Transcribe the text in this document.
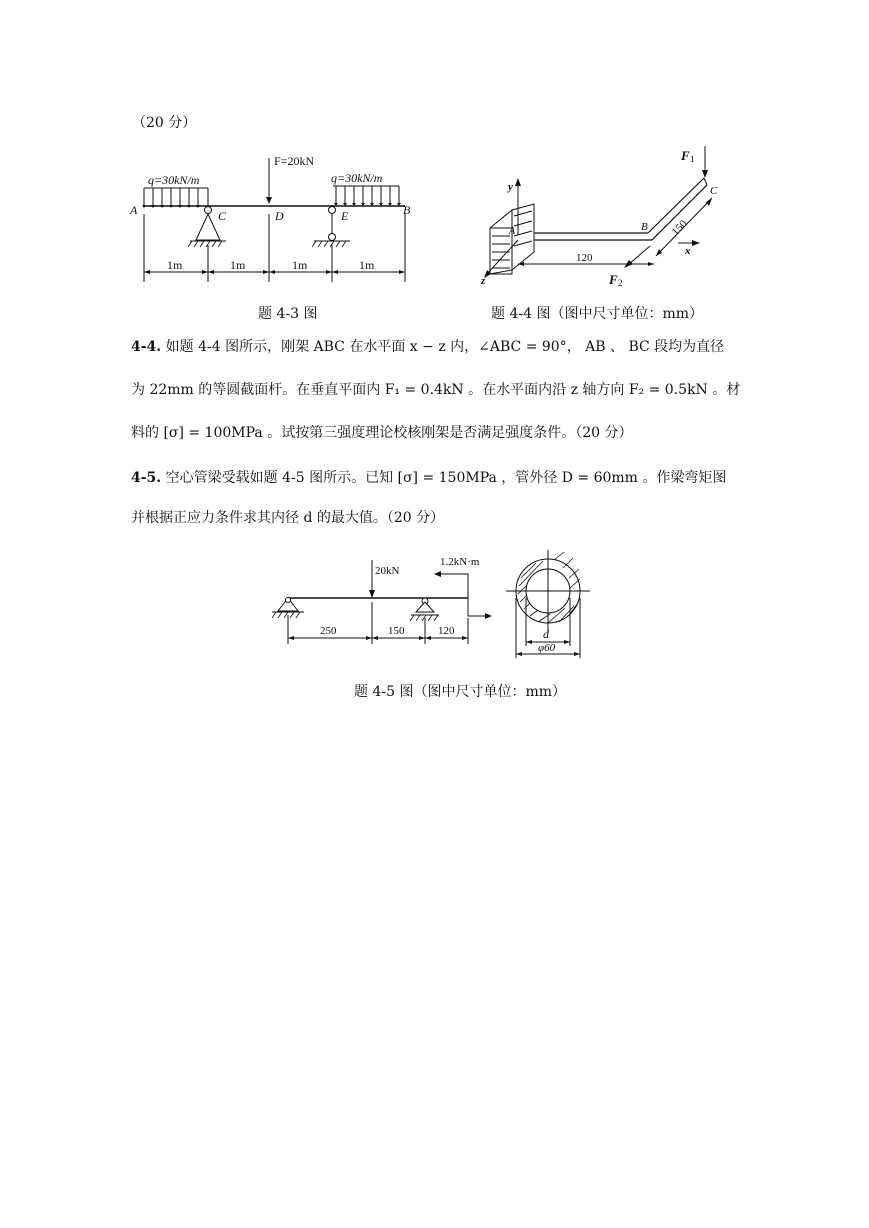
（20 分）
q=30kN/m	q=30kN/m
F=20kN
A	C	D	E	B
1m	1m	1m	1m
F 1
F 2
C
B
A
x
y
z
120
150
题 4-3 图	题 4-4 图（图中尺寸单位：mm）
4-4. 如题 4-4 图所示，刚架 ABC 在水平面 x − z 内，∠ABC = 90°， AB 、 BC 段均为直径
为 22mm 的等圆截面杆。在垂直平面内 F₁ = 0.4kN 。在水平面内沿 z 轴方向 F₂ = 0.5kN 。材
料的 [σ] = 100MPa 。试按第三强度理论校核刚架是否满足强度条件。（20 分）
4-5. 空心管梁受载如题 4-5 图所示。已知 [σ] = 150MPa ，管外径 D = 60mm 。作梁弯矩图
并根据正应力条件求其内径 d 的最大值。（20 分）
20kN
1.2kN·m
250	150	120	d
φ60
题 4-5 图（图中尺寸单位：mm）
